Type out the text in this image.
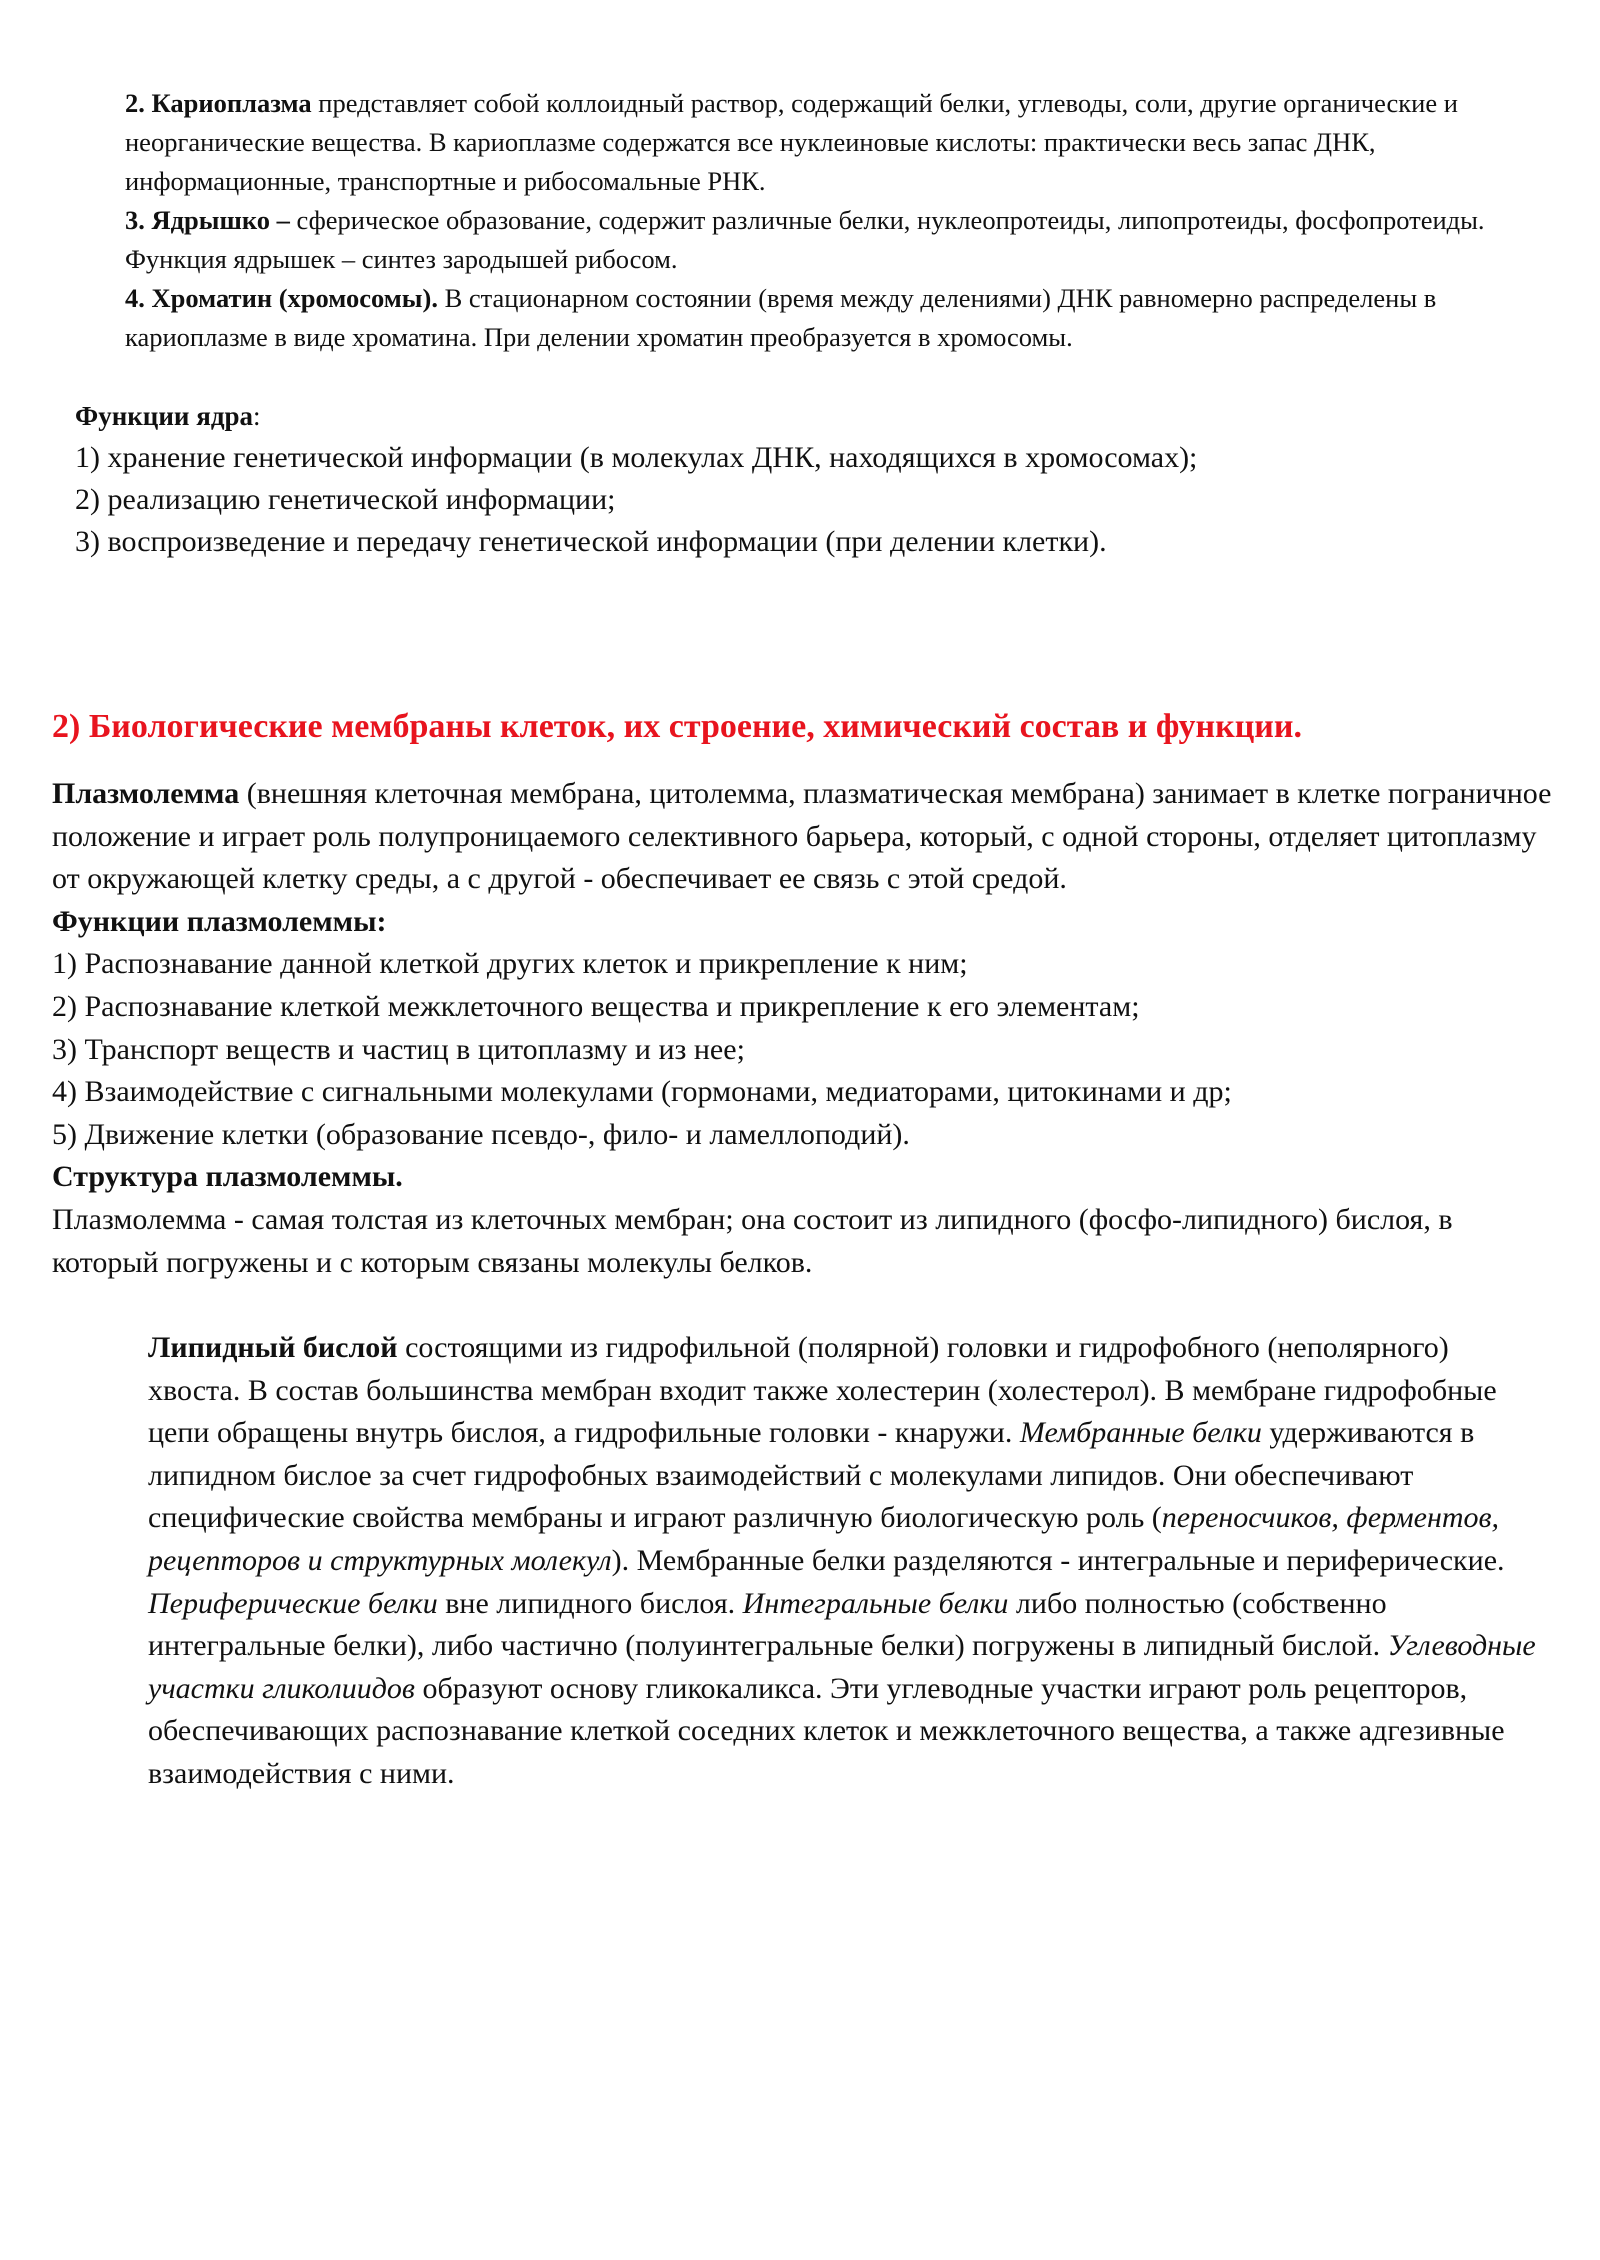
2. Кариоплазма представляет собой коллоидный раствор, содержащий белки, углеводы, соли, другие органические и неорганические вещества. В кариоплазме содержатся все нуклеиновые кислоты: практически весь запас ДНК, информационные, транспортные и рибосомальные РНК.

3. Ядрышко – сферическое образование, содержит различные белки, нуклеопротеиды, липопротеиды, фосфопротеиды. Функция ядрышек – синтез зародышей рибосом.

4. Хроматин (хромосомы). В стационарном состоянии (время между делениями) ДНК равномерно распределены в кариоплазме в виде хроматина. При делении хроматин преобразуется в хромосомы.

Функции ядра:

1) хранение генетической информации (в молекулах ДНК, находящихся в хромосомах);

2) реализацию генетической информации;

3) воспроизведение и передачу генетической информации (при делении клетки).

2) Биологические мембраны клеток, их строение, химический состав и функции.

Плазмолемма (внешняя клеточная мембрана, цитолемма, плазматическая мембрана) занимает в клетке пограничное положение и играет роль полупроницаемого селективного барьера, который, с одной стороны, отделяет цитоплазму от окружающей клетку среды, а с другой - обеспечивает ее связь с этой средой.

Функции плазмолеммы:

1) Распознавание данной клеткой других клеток и прикрепление к ним;

2) Распознавание клеткой межклеточного вещества и прикрепление к его элементам;

3) Транспорт веществ и частиц в цитоплазму и из нее;

4) Взаимодействие с сигнальными молекулами (гормонами, медиаторами, цитокинами и др;

5) Движение клетки (образование псевдо-, фило- и ламеллоподий).

Структура плазмолеммы.

Плазмолемма - самая толстая из клеточных мембран; она состоит из липидного (фосфо-липидного) бислоя, в который погружены и с которым связаны молекулы белков.

Липидный бислой состоящими из гидрофильной (полярной) головки и гидрофобного (неполярного) хвоста. В состав большинства мембран входит также холестерин (холестерол). В мембране гидрофобные цепи обращены внутрь бислоя, а гидрофильные головки - кнаружи. Мембранные белки удерживаются в липидном бислое за счет гидрофобных взаимодействий с молекулами липидов. Они обеспечивают специфические свойства мембраны и играют различную биологическую роль (переносчиков, ферментов, рецепторов и структурных молекул). Мембранные белки разделяются - интегральные и периферические. Периферические белки вне липидного бислоя. Интегральные белки либо полностью (собственно интегральные белки), либо частично (полуинтегральные белки) погружены в липидный бислой. Углеводные участки гликолиидов образуют основу гликокаликса. Эти углеводные участки играют роль рецепторов, обеспечивающих распознавание клеткой соседних клеток и межклеточного вещества, а также адгезивные взаимодействия с ними.
